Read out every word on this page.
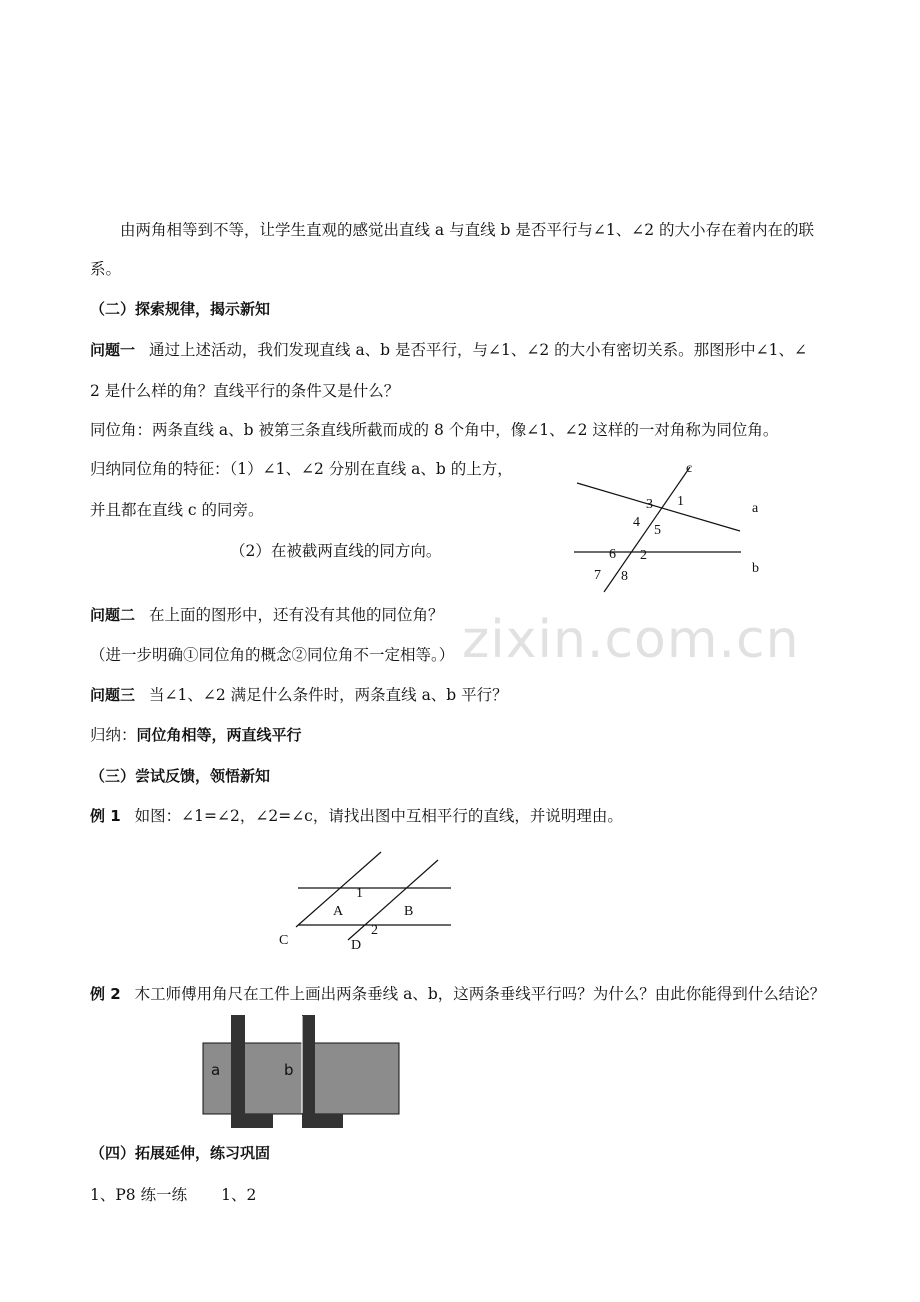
zixin.com.cn
由两角相等到不等，让学生直观的感觉出直线 a 与直线 b 是否平行与∠1、∠2 的大小存在着内在的联
系。
（二）探索规律，揭示新知
问题一 通过上述活动，我们发现直线 a、b 是否平行，与∠1、∠2 的大小有密切关系。那图形中∠1、∠
2 是什么样的角？直线平行的条件又是什么？
同位角：两条直线 a、b 被第三条直线所截而成的 8 个角中，像∠1、∠2 这样的一对角称为同位角。
归纳同位角的特征：（1）∠1、∠2 分别在直线 a、b 的上方，
并且都在直线 c 的同旁。
（2）在被截两直线的同方向。
c
a
b
3 1
4
5
6 2
7 8
问题二 在上面的图形中，还有没有其他的同位角？
（进一步明确①同位角的概念②同位角不一定相等。）
问题三 当∠1、∠2 满足什么条件时，两条直线 a、b 平行？
归纳：同位角相等，两直线平行
（三）尝试反馈，领悟新知
例 1 如图：∠1=∠2，∠2=∠c，请找出图中互相平行的直线，并说明理由。
1
A	B
C
2
D
例 2 木工师傅用角尺在工件上画出两条垂线 a、b，这两条垂线平行吗？为什么？由此你能得到什么结论？
a	b
（四）拓展延伸，练习巩固
1、P8 练一练 1、2
